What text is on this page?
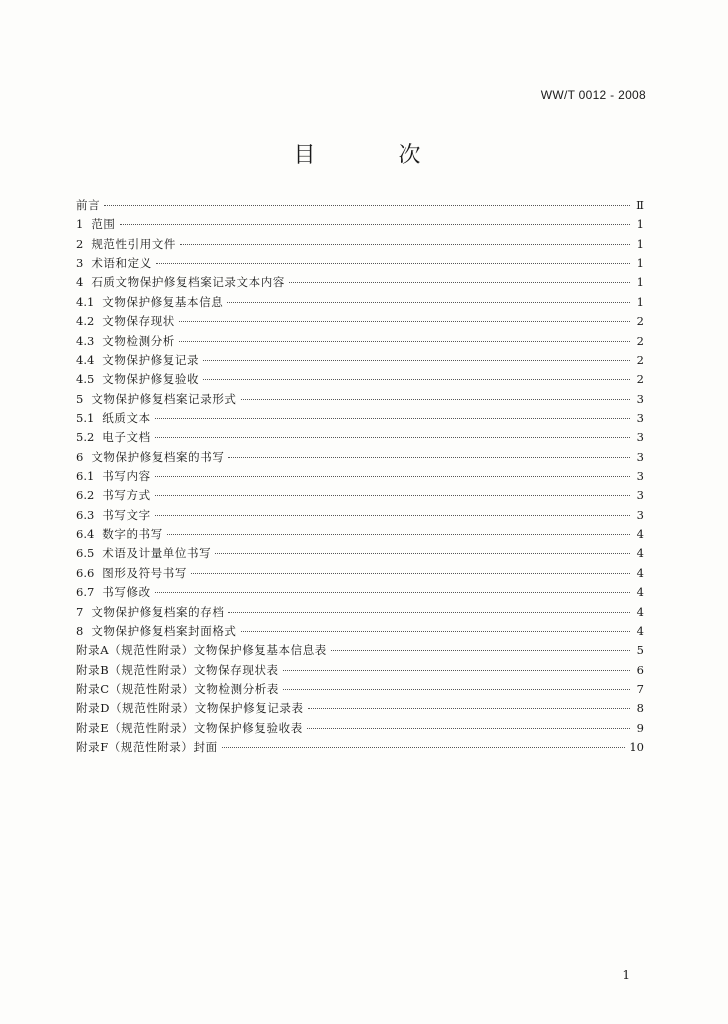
WW/T 0012 - 2008
目 次
前言	Ⅱ
1 范围	1
2 规范性引用文件	1
3 术语和定义	1
4 石质文物保护修复档案记录文本内容	1
4.1 文物保护修复基本信息	1
4.2 文物保存现状	2
4.3 文物检测分析	2
4.4 文物保护修复记录	2
4.5 文物保护修复验收	2
5 文物保护修复档案记录形式	3
5.1 纸质文本	3
5.2 电子文档	3
6 文物保护修复档案的书写	3
6.1 书写内容	3
6.2 书写方式	3
6.3 书写文字	3
6.4 数字的书写	4
6.5 术语及计量单位书写	4
6.6 图形及符号书写	4
6.7 书写修改	4
7 文物保护修复档案的存档	4
8 文物保护修复档案封面格式	4
附录A（规范性附录）文物保护修复基本信息表	5
附录B（规范性附录）文物保存现状表	6
附录C（规范性附录）文物检测分析表	7
附录D（规范性附录）文物保护修复记录表	8
附录E（规范性附录）文物保护修复验收表	9
附录F（规范性附录）封面	10
1
